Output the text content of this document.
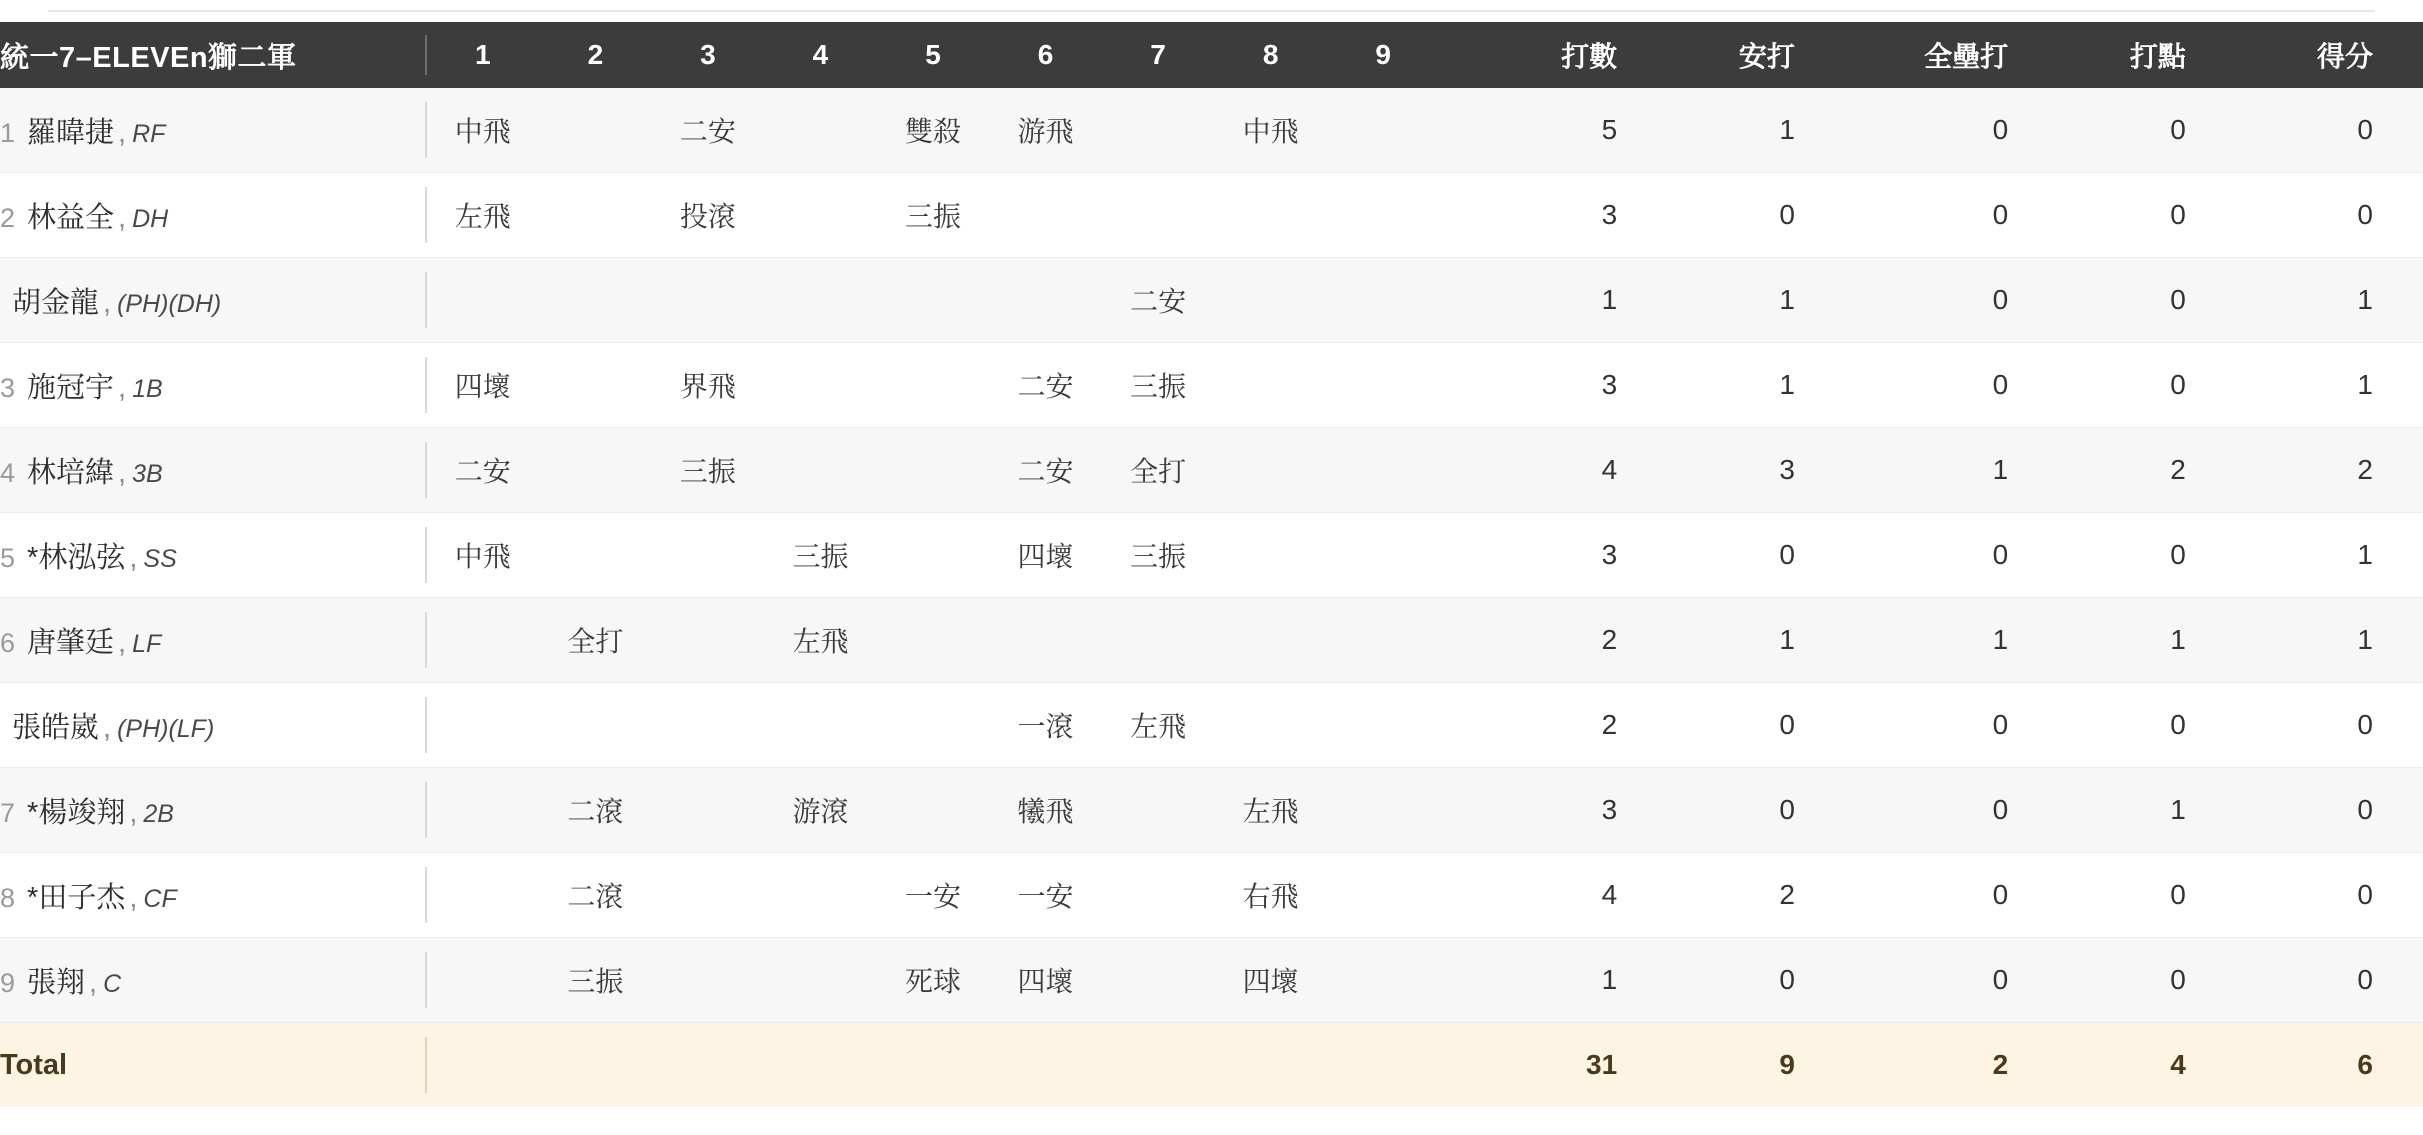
統一7–ELEVEn獅二軍	1	2	3	4	5	6	7	8	9	打數	安打	全壘打	打點	得分
1 羅暐捷 , RF	中飛		二安		雙殺	游飛		中飛		5	1	0	0	0
2 林益全 , DH	左飛		投滾		三振					3	0	0	0	0
胡金龍 , (PH)(DH)							二安			1	1	0	0	1
3 施冠宇 , 1B	四壞		界飛			二安	三振			3	1	0	0	1
4 林培緯 , 3B	二安		三振			二安	全打			4	3	1	2	2
5 *林泓弦 , SS	中飛			三振		四壞	三振			3	0	0	0	1
6 唐肇廷 , LF		全打		左飛						2	1	1	1	1
張皓崴 , (PH)(LF)						一滾	左飛			2	0	0	0	0
7 *楊竣翔 , 2B		二滾		游滾		犧飛		左飛		3	0	0	1	0
8 *田子杰 , CF		二滾			一安	一安		右飛		4	2	0	0	0
9 張翔 , C		三振			死球	四壞		四壞		1	0	0	0	0
Total										31	9	2	4	6
